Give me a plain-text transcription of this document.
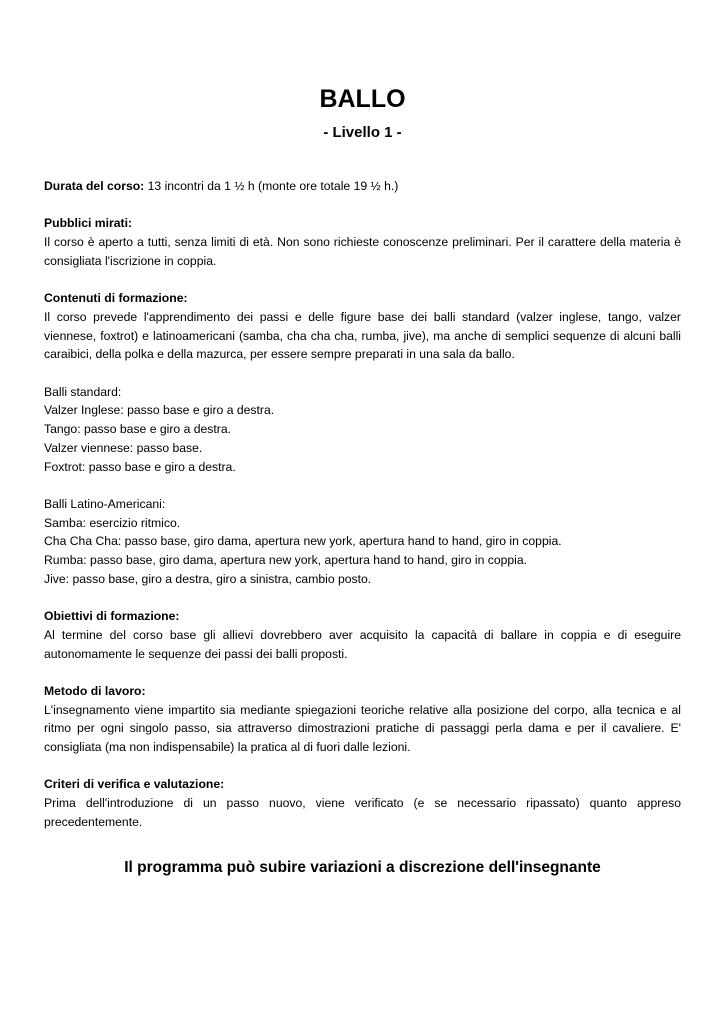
BALLO
- Livello 1 -

Durata del corso: 13 incontri da 1 ½ h (monte ore totale 19 ½ h.)

Pubblici mirati:

Il corso è aperto a tutti, senza limiti di età. Non sono richieste conoscenze preliminari. Per il carattere della materia è consigliata l'iscrizione in coppia.

Contenuti di formazione:

Il corso prevede l'apprendimento dei passi e delle figure base dei balli standard (valzer inglese, tango, valzer viennese, foxtrot) e latinoamericani (samba, cha cha cha, rumba, jive), ma anche di semplici sequenze di alcuni balli caraibici, della polka e della mazurca, per essere sempre preparati in una sala da ballo.

Balli standard:

Valzer Inglese: passo base e giro a destra.

Tango: passo base e giro a destra.

Valzer viennese: passo base.

Foxtrot: passo base e giro a destra.

Balli Latino-Americani:

Samba: esercizio ritmico.

Cha Cha Cha: passo base, giro dama, apertura new york, apertura hand to hand, giro in coppia.

Rumba: passo base, giro dama, apertura new york, apertura hand to hand, giro in coppia.

Jive: passo base, giro a destra, giro a sinistra, cambio posto.

Obiettivi di formazione:

Al termine del corso base gli allievi dovrebbero aver acquisito la capacità di ballare in coppia e di eseguire autonomamente le sequenze dei passi dei balli proposti.

Metodo di lavoro:

L'insegnamento viene impartito sia mediante spiegazioni teoriche relative alla posizione del corpo, alla tecnica e al ritmo per ogni singolo passo, sia attraverso dimostrazioni pratiche di passaggi perla dama e per il cavaliere. E' consigliata (ma non indispensabile) la pratica al di fuori dalle lezioni.

Criteri di verifica e valutazione:

Prima dell'introduzione di un passo nuovo, viene verificato (e se necessario ripassato) quanto appreso precedentemente.

Il programma può subire variazioni a discrezione dell'insegnante
